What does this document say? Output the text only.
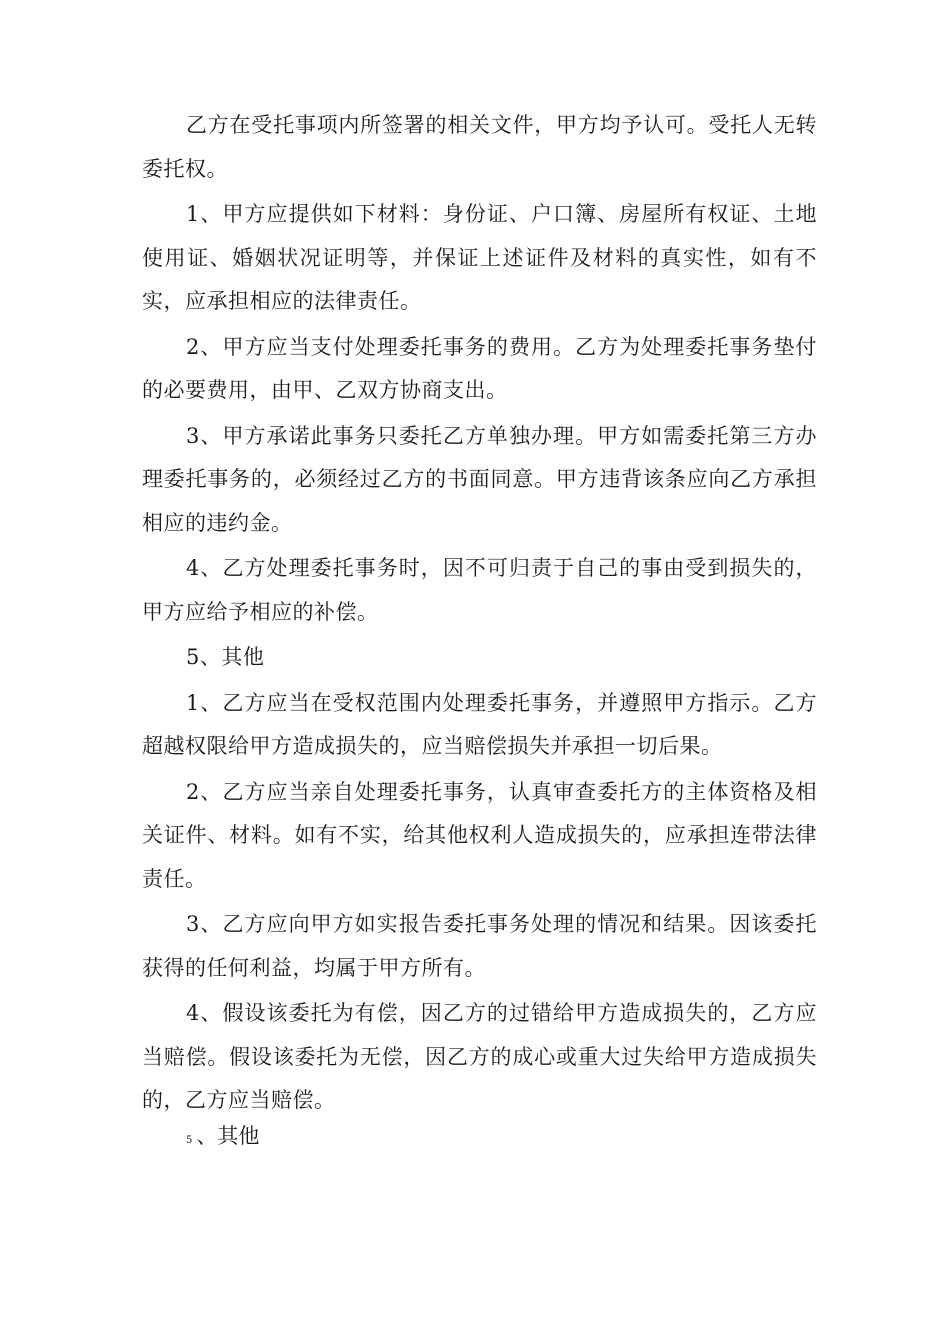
乙方在受托事项内所签署的相关文件，甲方均予认可。受托人无转委托权。

1、甲方应提供如下材料：身份证、户口簿、房屋所有权证、土地使用证、婚姻状况证明等，并保证上述证件及材料的真实性，如有不实，应承担相应的法律责任。

2、甲方应当支付处理委托事务的费用。乙方为处理委托事务垫付的必要费用，由甲、乙双方协商支出。

3、甲方承诺此事务只委托乙方单独办理。甲方如需委托第三方办理委托事务的，必须经过乙方的书面同意。甲方违背该条应向乙方承担相应的违约金。

4、乙方处理委托事务时，因不可归责于自己的事由受到损失的，甲方应给予相应的补偿。

5、其他

1、乙方应当在受权范围内处理委托事务，并遵照甲方指示。乙方超越权限给甲方造成损失的，应当赔偿损失并承担一切后果。

2、乙方应当亲自处理委托事务，认真审查委托方的主体资格及相关证件、材料。如有不实，给其他权利人造成损失的，应承担连带法律责任。

3、乙方应向甲方如实报告委托事务处理的情况和结果。因该委托获得的任何利益，均属于甲方所有。

4、假设该委托为有偿，因乙方的过错给甲方造成损失的，乙方应当赔偿。假设该委托为无偿，因乙方的成心或重大过失给甲方造成损失的，乙方应当赔偿。

5 、其他
